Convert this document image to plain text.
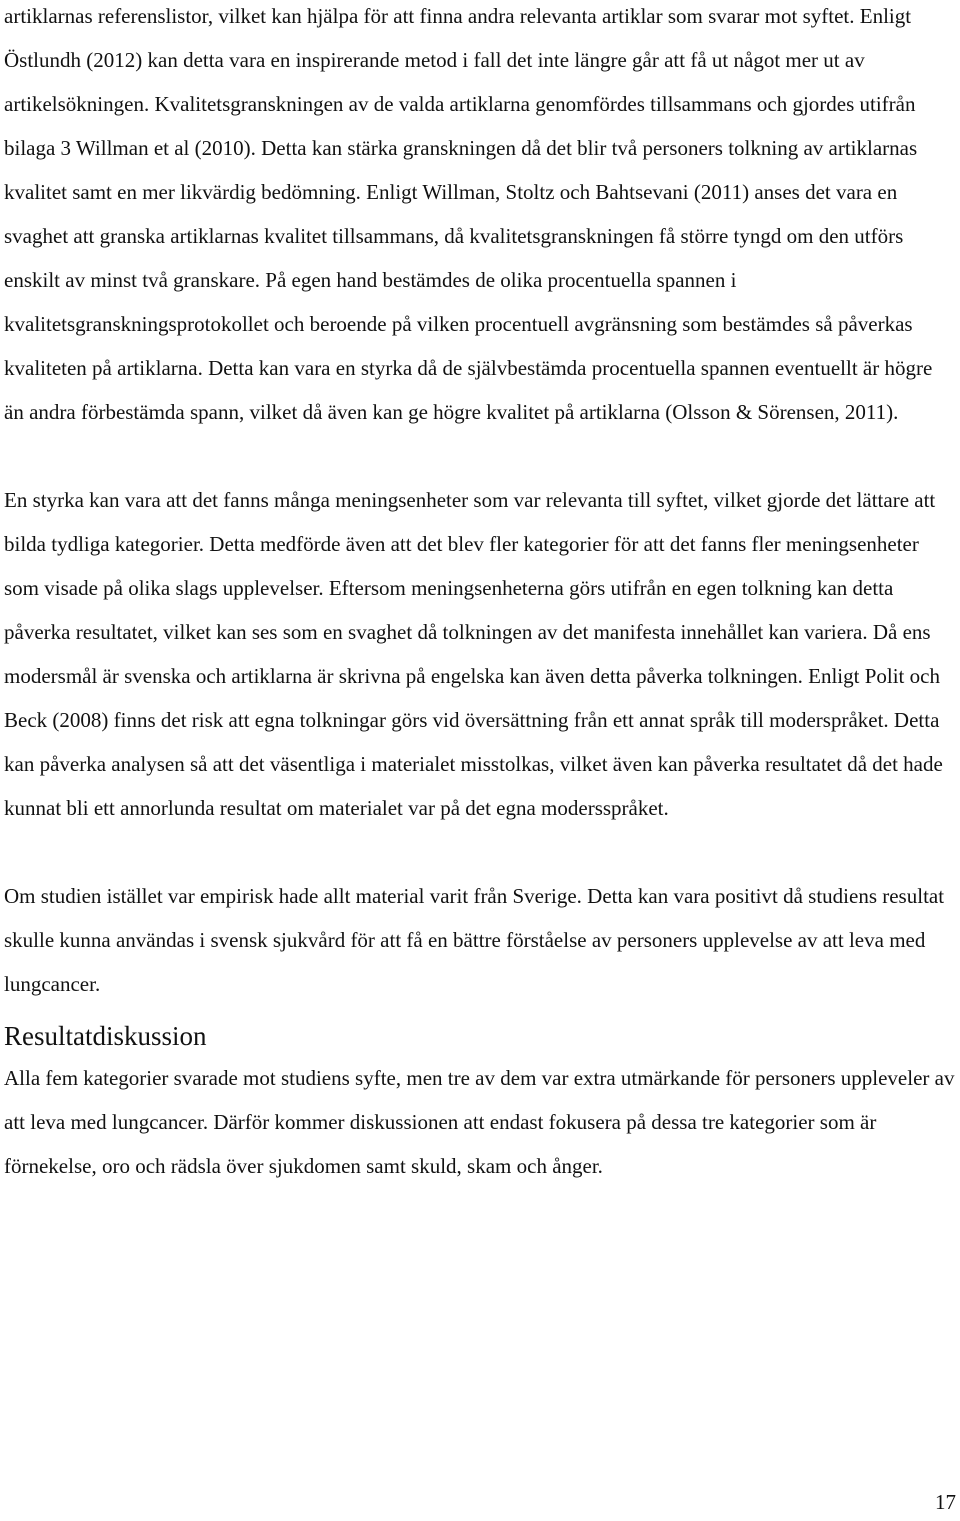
artiklarnas referenslistor, vilket kan hjälpa för att finna andra relevanta artiklar som svarar mot syftet. Enligt Östlundh (2012) kan detta vara en inspirerande metod i fall det inte längre går att få ut något mer ut av artikelsökningen. Kvalitetsgranskningen av de valda artiklarna genomfördes tillsammans och gjordes utifrån bilaga 3 Willman et al (2010). Detta kan stärka granskningen då det blir två personers tolkning av artiklarnas kvalitet samt en mer likvärdig bedömning. Enligt Willman, Stoltz och Bahtsevani (2011) anses det vara en svaghet att granska artiklarnas kvalitet tillsammans, då kvalitetsgranskningen få större tyngd om den utförs enskilt av minst två granskare. På egen hand bestämdes de olika procentuella spannen i kvalitetsgranskningsprotokollet och beroende på vilken procentuell avgränsning som bestämdes så påverkas kvaliteten på artiklarna. Detta kan vara en styrka då de självbestämda procentuella spannen eventuellt är högre än andra förbestämda spann, vilket då även kan ge högre kvalitet på artiklarna (Olsson & Sörensen, 2011).

En styrka kan vara att det fanns många meningsenheter som var relevanta till syftet, vilket gjorde det lättare att bilda tydliga kategorier. Detta medförde även att det blev fler kategorier för att det fanns fler meningsenheter som visade på olika slags upplevelser. Eftersom meningsenheterna görs utifrån en egen tolkning kan detta påverka resultatet, vilket kan ses som en svaghet då tolkningen av det manifesta innehållet kan variera. Då ens modersmål är svenska och artiklarna är skrivna på engelska kan även detta påverka tolkningen. Enligt Polit och Beck (2008) finns det risk att egna tolkningar görs vid översättning från ett annat språk till moderspråket. Detta kan påverka analysen så att det väsentliga i materialet misstolkas, vilket även kan påverka resultatet då det hade kunnat bli ett annorlunda resultat om materialet var på det egna modersspråket.

Om studien istället var empirisk hade allt material varit från Sverige. Detta kan vara positivt då studiens resultat skulle kunna användas i svensk sjukvård för att få en bättre förståelse av personers upplevelse av att leva med lungcancer.

Resultatdiskussion

Alla fem kategorier svarade mot studiens syfte, men tre av dem var extra utmärkande för personers uppleveler av att leva med lungcancer. Därför kommer diskussionen att endast fokusera på dessa tre kategorier som är förnekelse, oro och rädsla över sjukdomen samt skuld, skam och ånger.

17
